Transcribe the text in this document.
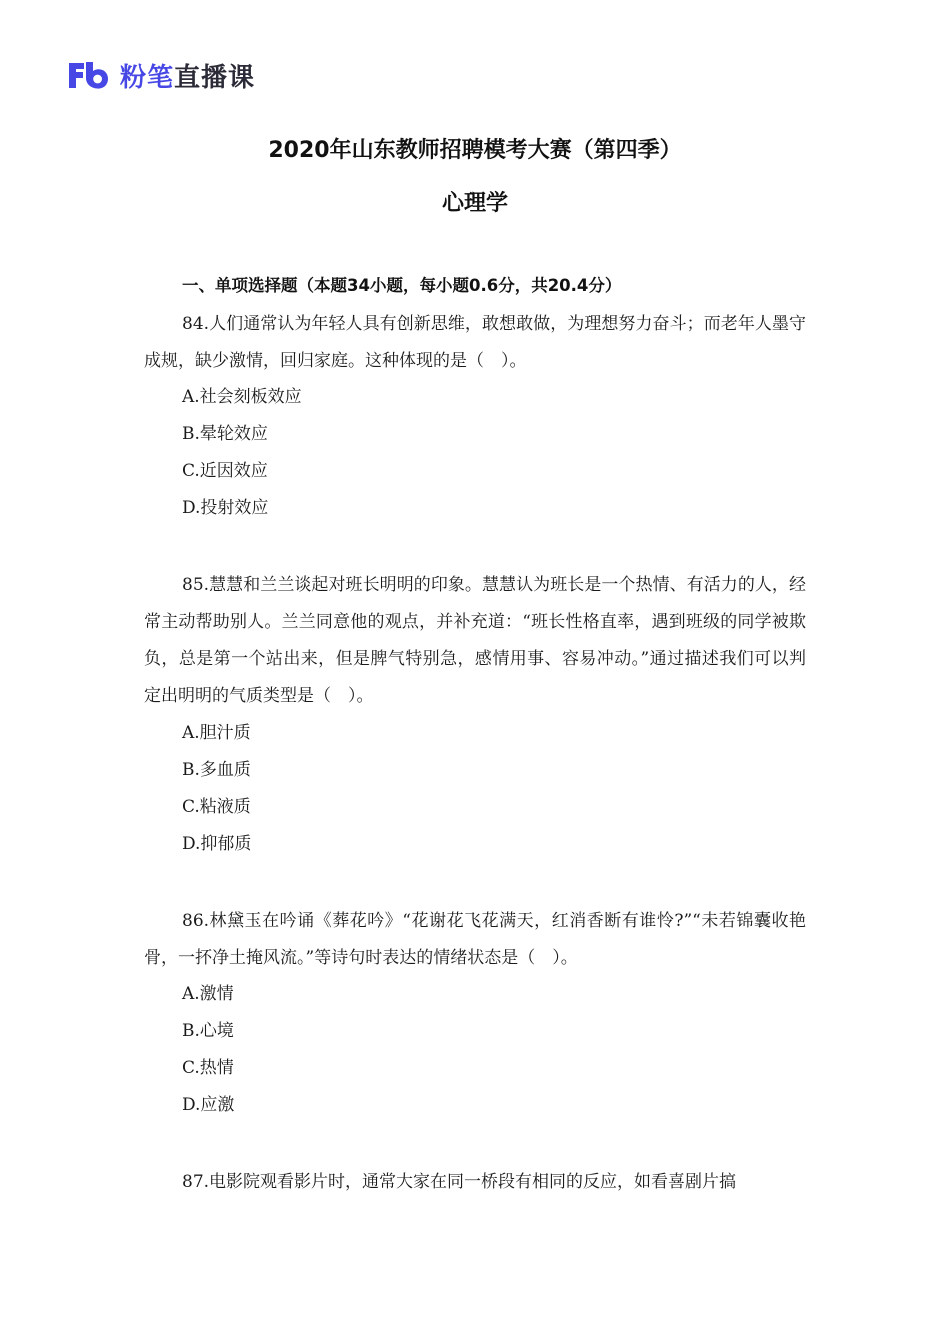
粉笔直播课
2020年山东教师招聘模考大赛（第四季）
心理学
一、单项选择题（本题34小题，每小题0.6分，共20.4分）

84.人们通常认为年轻人具有创新思维，敢想敢做，为理想努力奋斗；而老年人墨守成规，缺少激情，回归家庭。这种体现的是（　）。

A.社会刻板效应
B.晕轮效应
C.近因效应
D.投射效应

85.慧慧和兰兰谈起对班长明明的印象。慧慧认为班长是一个热情、有活力的人，经常主动帮助别人。兰兰同意他的观点，并补充道：“班长性格直率，遇到班级的同学被欺负，总是第一个站出来，但是脾气特别急，感情用事、容易冲动。”通过描述我们可以判定出明明的气质类型是（　）。

A.胆汁质
B.多血质
C.粘液质
D.抑郁质

86.林黛玉在吟诵《葬花吟》“花谢花飞花满天，红消香断有谁怜?”“未若锦囊收艳骨，一抔净土掩风流。”等诗句时表达的情绪状态是（　）。

A.激情
B.心境
C.热情
D.应激

87.电影院观看影片时，通常大家在同一桥段有相同的反应，如看喜剧片搞
